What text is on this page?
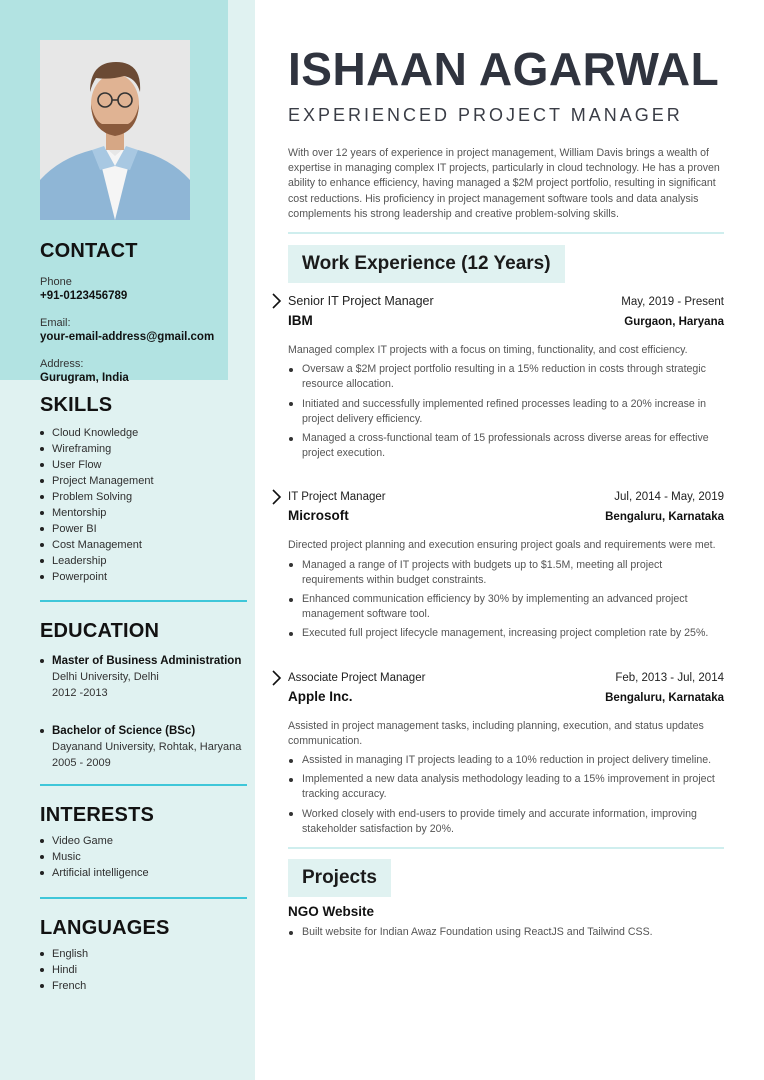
CONTACT
Phone
+91-0123456789
Email:
your-email-address@gmail.com
Address:
Gurugram, India
SKILLS
Cloud Knowledge
Wireframing
User Flow
Project Management
Problem Solving
Mentorship
Power BI
Cost Management
Leadership
Powerpoint
EDUCATION
Master of Business Administration
Delhi University, Delhi
2012 -2013
Bachelor of Science (BSc)
Dayanand University, Rohtak, Haryana
2005 - 2009
INTERESTS
Video Game
Music
Artificial intelligence
LANGUAGES
English
Hindi
French
ISHAAN AGARWAL
EXPERIENCED PROJECT MANAGER
With over 12 years of experience in project management, William Davis brings a wealth of expertise in managing complex IT projects, particularly in cloud technology. He has a proven ability to enhance efficiency, having managed a $2M project portfolio, resulting in significant cost reductions. His proficiency in project management software tools and data analysis complements his strong leadership and creative problem-solving skills.
Work Experience (12 Years)
Senior IT Project Manager	May, 2019 - Present
IBM	Gurgaon, Haryana
Managed complex IT projects with a focus on timing, functionality, and cost efficiency.
Oversaw a $2M project portfolio resulting in a 15% reduction in costs through strategic resource allocation.
Initiated and successfully implemented refined processes leading to a 20% increase in project delivery efficiency.
Managed a cross-functional team of 15 professionals across diverse areas for effective project execution.
IT Project Manager	Jul, 2014 - May, 2019
Microsoft	Bengaluru, Karnataka
Directed project planning and execution ensuring project goals and requirements were met.
Managed a range of IT projects with budgets up to $1.5M, meeting all project requirements within budget constraints.
Enhanced communication efficiency by 30% by implementing an advanced project management software tool.
Executed full project lifecycle management, increasing project completion rate by 25%.
Associate Project Manager	Feb, 2013 - Jul, 2014
Apple Inc.	Bengaluru, Karnataka
Assisted in project management tasks, including planning, execution, and status updates communication.
Assisted in managing IT projects leading to a 10% reduction in project delivery timeline.
Implemented a new data analysis methodology leading to a 15% improvement in project tracking accuracy.
Worked closely with end-users to provide timely and accurate information, improving stakeholder satisfaction by 20%.
Projects
NGO Website
Built website for Indian Awaz Foundation using ReactJS and Tailwind CSS.
